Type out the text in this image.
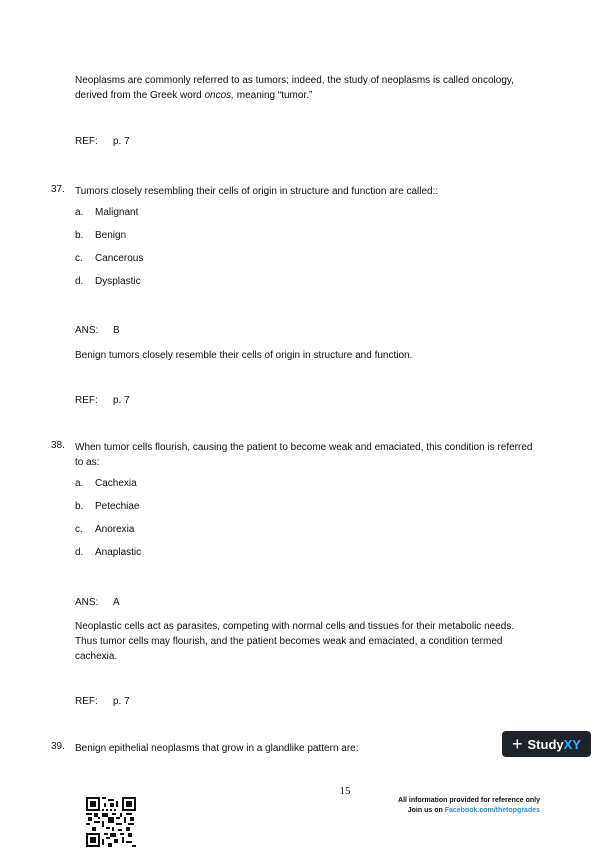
Neoplasms are commonly referred to as tumors; indeed, the study of neoplasms is called oncology,
derived from the Greek word oncos, meaning “tumor.”
REF: p. 7
37. Tumors closely resembling their cells of origin in structure and function are called::
a. Malignant
b. Benign
c. Cancerous
d. Dysplastic
ANS: B
Benign tumors closely resemble their cells of origin in structure and function.
REF: p. 7
38. When tumor cells flourish, causing the patient to become weak and emaciated, this condition is referred to as:
a. Cachexia
b. Petechiae
c. Anorexia
d. Anaplastic
ANS: A
Neoplastic cells act as parasites, competing with normal cells and tissues for their metabolic needs. Thus tumor cells may flourish, and the patient becomes weak and emaciated, a condition termed cachexia.
REF: p. 7
39. Benign epithelial neoplasms that grow in a glandlike pattern are:	+ Study XY
15
All information provided for reference only
Join us on Facebook.com/thetopgrades
